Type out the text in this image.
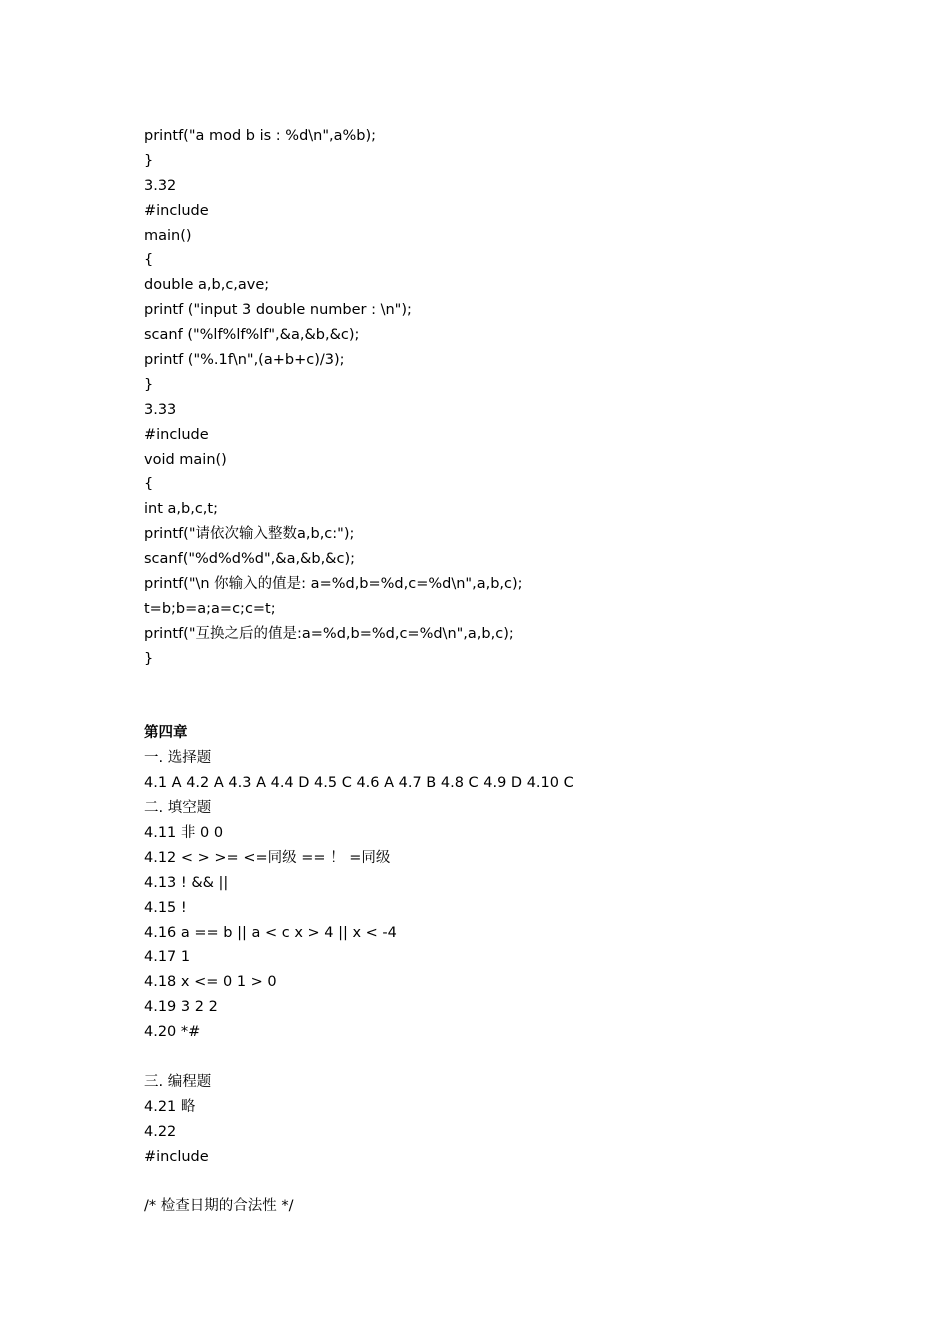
printf("a mod b is : %d\n",a%b);
}
3.32
#include
main()
{
double a,b,c,ave;
printf ("input 3 double number : \n");
scanf ("%lf%lf%lf",&a,&b,&c);
printf ("%.1f\n",(a+b+c)/3);
}
3.33
#include
void main()
{
int a,b,c,t;
printf("请依次输入整数a,b,c:");
scanf("%d%d%d",&a,&b,&c);
printf("\n 你输入的值是: a=%d,b=%d,c=%d\n",a,b,c);
t=b;b=a;a=c;c=t;
printf("互换之后的值是:a=%d,b=%d,c=%d\n",a,b,c);
}
第四章
一. 选择题
4.1 A 4.2 A 4.3 A 4.4 D 4.5 C 4.6 A 4.7 B 4.8 C 4.9 D 4.10 C
二. 填空题
4.11 非 0 0
4.12 < > >= <=同级 == ！ =同级
4.13 ! && ||
4.15 !
4.16 a == b || a < c x > 4 || x < -4
4.17 1
4.18 x <= 0 1 > 0
4.19 3 2 2
4.20 *#
三. 编程题
4.21 略
4.22
#include
/* 检查日期的合法性 */
